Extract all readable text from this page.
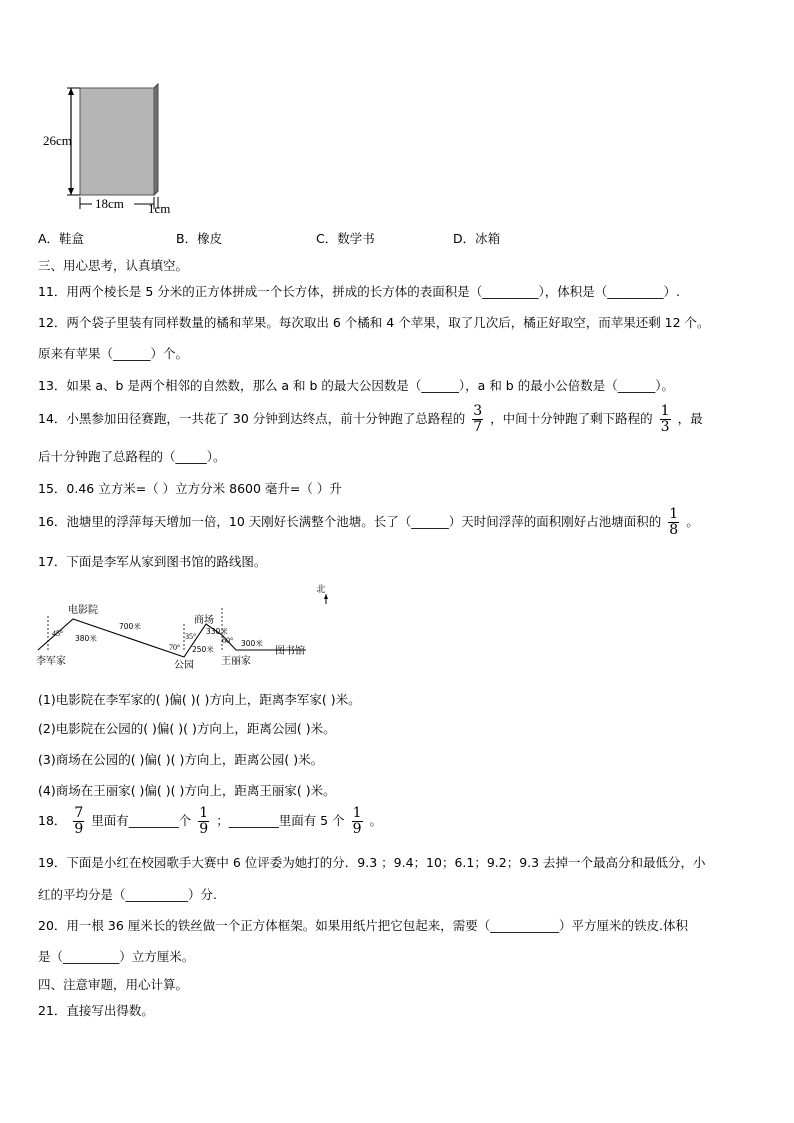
26cm
18cm 1cm
A．鞋盒	B．橡皮	C．数学书	D．冰箱
三、用心思考，认真填空。
11．用两个棱长是 5 分米的正方体拼成一个长方体，拼成的长方体的表面积是（_________），体积是（_________）.
12．两个袋子里装有同样数量的橘和苹果。每次取出 6 个橘和 4 个苹果，取了几次后，橘正好取空，而苹果还剩 12 个。
原来有苹果（______）个。
13．如果 a、b 是两个相邻的自然数，那么 a 和 b 的最大公因数是（______），a 和 b 的最小公倍数是（______）。
14．小黑参加田径赛跑，一共花了 30 分钟到达终点，前十分钟跑了总路程的 $\frac{3}{7}$ ，中间十分钟跑了剩下路程的 $\frac{1}{3}$ ，最
后十分钟跑了总路程的（_____）。
15．0.46 立方米=（ ）立方分米 8600 毫升=（ ）升
16．池塘里的浮萍每天增加一倍，10 天刚好长满整个池塘。长了（______）天时间浮萍的面积刚好占池塘面积的 $\frac{1}{8}$ 。
17．下面是李军从家到图书馆的路线图。
北
电影院
李军家	公园
商场
王丽家
图书馆
45°
70°
35°	60°
380米
700米
250米
330米
300米
(1)电影院在李军家的( )偏( )( )方向上，距离李军家( )米。
(2)电影院在公园的( )偏( )( )方向上，距离公园( )米。
(3)商场在公园的( )偏( )( )方向上，距离公园( )米。
(4)商场在王丽家( )偏( )( )方向上，距离王丽家( )米。
18． $\frac{7}{9}$ 里面有________个 $\frac{1}{9}$ ；________里面有 5 个 $\frac{1}{9}$ 。
19．下面是小红在校园歌手大赛中 6 位评委为她打的分．9.3 ；9.4；10；6.1；9.2；9.3 去掉一个最高分和最低分，小
红的平均分是（__________）分.
20．用一根 36 厘米长的铁丝做一个正方体框架。如果用纸片把它包起来，需要（___________）平方厘米的铁皮.体积
是（_________）立方厘米。
四、注意审题，用心计算。
21．直接写出得数。
